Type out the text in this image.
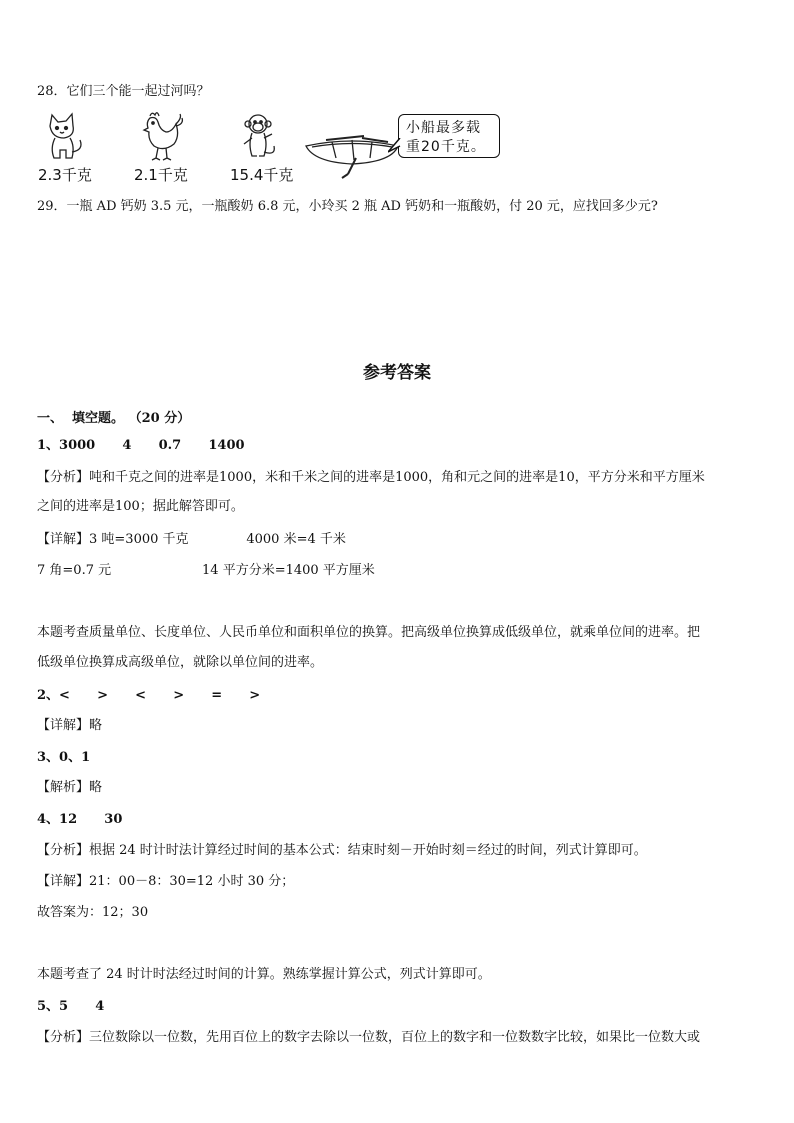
28．它们三个能一起过河吗？
2.3千克	2.1千克	15.4千克
小船最多载
重20千克。
29．一瓶 AD 钙奶 3.5 元，一瓶酸奶 6.8 元，小玲买 2 瓶 AD 钙奶和一瓶酸奶，付 20 元，应找回多少元?
参考答案
一、  填空题。 （20 分）
1、3000      4      0.7      1400
【分析】吨和千克之间的进率是1000，米和千米之间的进率是1000，角和元之间的进率是10，平方分米和平方厘米
之间的进率是100；据此解答即可。
【详解】3 吨=3000 千克              4000 米=4 千米
7 角=0.7 元                      14 平方分米=1400 平方厘米
本题考查质量单位、长度单位、人民币单位和面积单位的换算。把高级单位换算成低级单位，就乘单位间的进率。把
低级单位换算成高级单位，就除以单位间的进率。
2、<      >      <      >      =      >
【详解】略
3、0、1
【解析】略
4、12      30
【分析】根据 24 时计时法计算经过时间的基本公式：结束时刻－开始时刻＝经过的时间，列式计算即可。
【详解】21：00－8：30=12 小时 30 分；
故答案为：12；30
本题考查了 24 时计时法经过时间的计算。熟练掌握计算公式，列式计算即可。
5、5      4
【分析】三位数除以一位数，先用百位上的数字去除以一位数，百位上的数字和一位数数字比较，如果比一位数大或
